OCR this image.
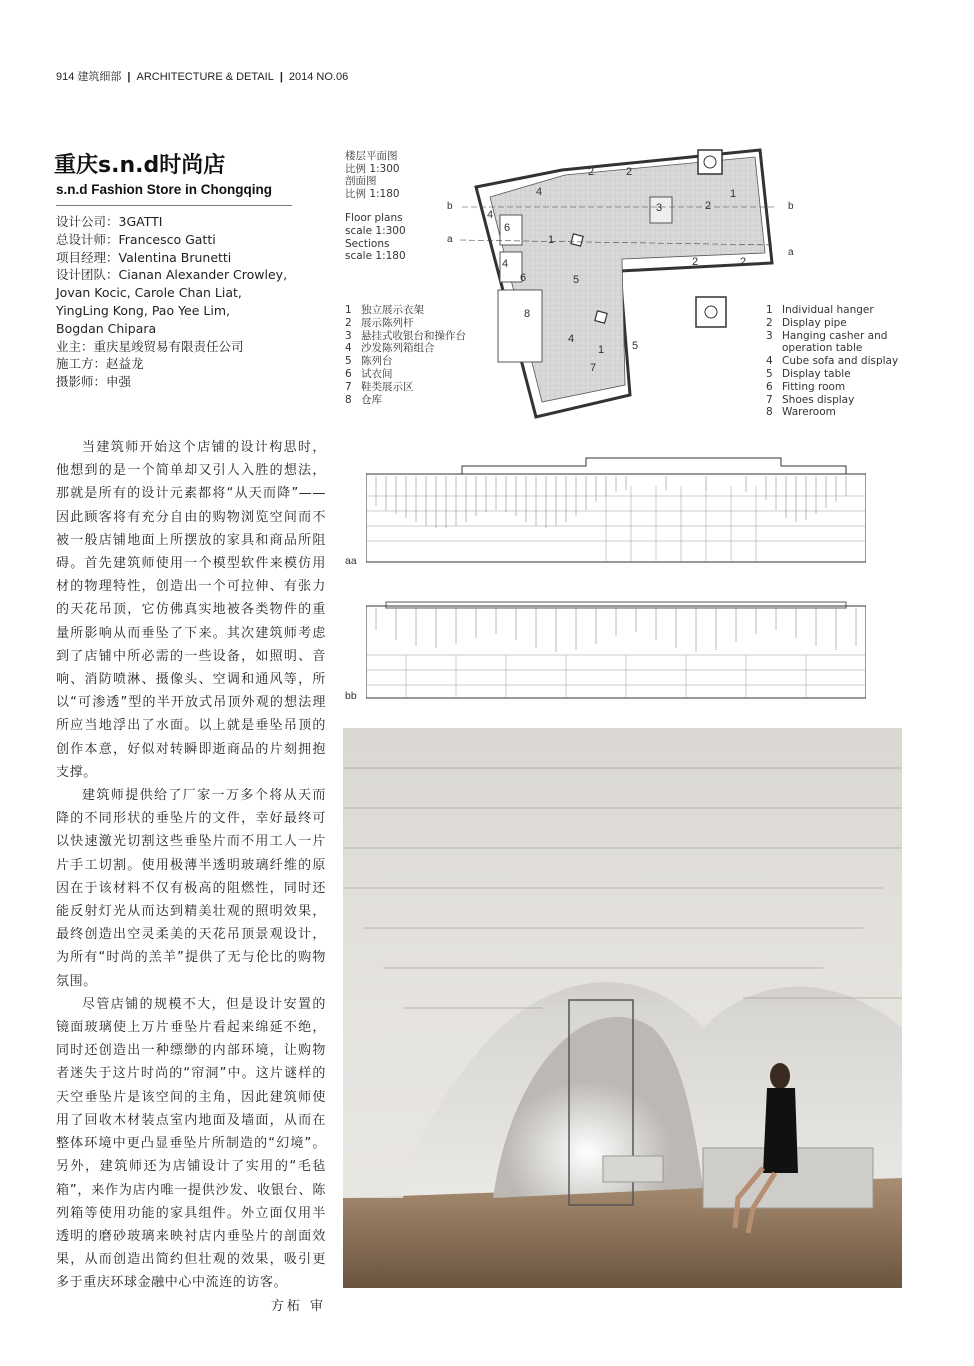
914 建筑细部 | ARCHITECTURE & DETAIL | 2014 NO.06
重庆s.n.d时尚店
s.n.d Fashion Store in Chongqing
设计公司：3GATTI
总设计师：Francesco Gatti
项目经理：Valentina Brunetti
设计团队：Cianan Alexander Crowley,
Jovan Kocic, Carole Chan Liat,
YingLing Kong, Pao Yee Lim,
Bogdan Chipara
业主：重庆星竣贸易有限责任公司
施工方：赵益龙
摄影师：申强

当建筑师开始这个店铺的设计构思时，他想到的是一个简单却又引人入胜的想法，那就是所有的设计元素都将“从天而降”——因此顾客将有充分自由的购物浏览空间而不被一般店铺地面上所摆放的家具和商品所阻碍。首先建筑师使用一个模型软件来模仿用材的物理特性，创造出一个可拉伸、有张力的天花吊顶，它仿佛真实地被各类物件的重量所影响从而垂坠了下来。其次建筑师考虑到了店铺中所必需的一些设备，如照明、音响、消防喷淋、摄像头、空调和通风等，所以“可渗透”型的半开放式吊顶外观的想法理所应当地浮出了水面。以上就是垂坠吊顶的创作本意，好似对转瞬即逝商品的片刻拥抱支撑。

建筑师提供给了厂家一万多个将从天而降的不同形状的垂坠片的文件，幸好最终可以快速激光切割这些垂坠片而不用工人一片片手工切割。使用极薄半透明玻璃纤维的原因在于该材料不仅有极高的阻燃性，同时还能反射灯光从而达到精美壮观的照明效果，最终创造出空灵柔美的天花吊顶景观设计，为所有“时尚的羔羊”提供了无与伦比的购物氛围。

尽管店铺的规模不大，但是设计安置的镜面玻璃使上万片垂坠片看起来绵延不绝，同时还创造出一种缥缈的内部环境，让购物者迷失于这片时尚的“帘洞”中。这片谜样的天空垂坠片是该空间的主角，因此建筑师使用了回收木材装点室内地面及墙面，从而在整体环境中更凸显垂坠片所制造的“幻境”。另外，建筑师还为店铺设计了实用的“毛毡箱”，来作为店内唯一提供沙发、收银台、陈列箱等使用功能的家具组件。外立面仅用半透明的磨砂玻璃来映衬店内垂坠片的剖面效果，从而创造出简约但壮观的效果，吸引更多于重庆环球金融中心中流连的访客。
方柘 审

楼层平面图
比例 1:300
剖面图
比例 1:180
Floor plans
scale 1:300
Sections
scale 1:180
1 独立展示衣架
2 展示陈列杆
3 悬挂式收银台和操作台
4 沙发陈列箱组合
5 陈列台
6 试衣间
7 鞋类展示区
8 仓库
1 Individual hanger
2 Display pipe
3 Hanging casher and
operation table
4 Cube sofa and display
5 Display table
6 Fitting room
7 Shoes display
8 Wareroom
a
b
a
b
1
1
1
2	2
2
2	2
3
4
4
4
4
5
5
6
6
7
8
aa
bb
